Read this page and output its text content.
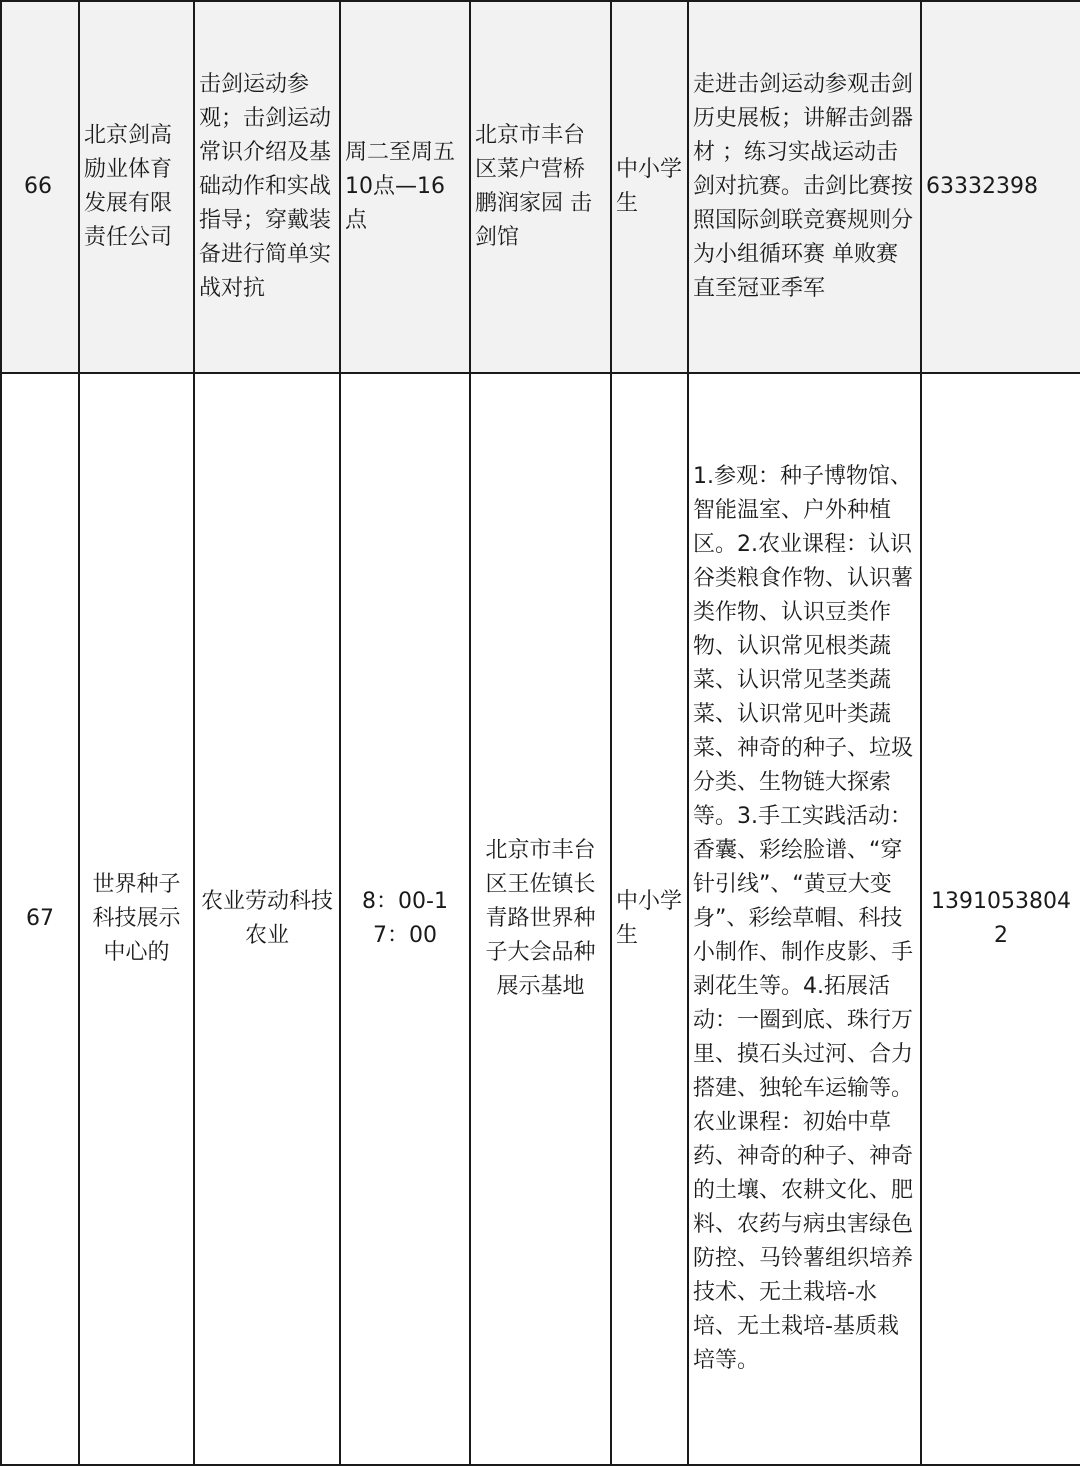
66	北京剑高励业体育发展有限责任公司	击剑运动参观；击剑运动常识介绍及基础动作和实战指导；穿戴装备进行简单实战对抗	周二至周五10点—16点	北京市丰台区菜户营桥鹏润家园 击剑馆	中小学生	走进击剑运动参观击剑历史展板；讲解击剑器材 ；练习实战运动击剑对抗赛。击剑比赛按照国际剑联竞赛规则分为小组循环赛 单败赛直至冠亚季军	63332398
67	世界种子科技展示中心的	农业劳动科技农业	8：00-17：00	北京市丰台区王佐镇长青路世界种子大会品种展示基地	中小学生	1.参观：种子博物馆、智能温室、户外种植区。2.农业课程：认识谷类粮食作物、认识薯类作物、认识豆类作物、认识常见根类蔬菜、认识常见茎类蔬菜、认识常见叶类蔬菜、神奇的种子、垃圾分类、生物链大探索等。3.手工实践活动：香囊、彩绘脸谱、“穿针引线”、“黄豆大变身”、彩绘草帽、科技小制作、制作皮影、手剥花生等。4.拓展活动：一圈到底、珠行万里、摸石头过河、合力搭建、独轮车运输等。农业课程：初始中草药、神奇的种子、神奇的土壤、农耕文化、肥料、农药与病虫害绿色防控、马铃薯组织培养技术、无土栽培-水培、无土栽培-基质栽培等。	13910538042
